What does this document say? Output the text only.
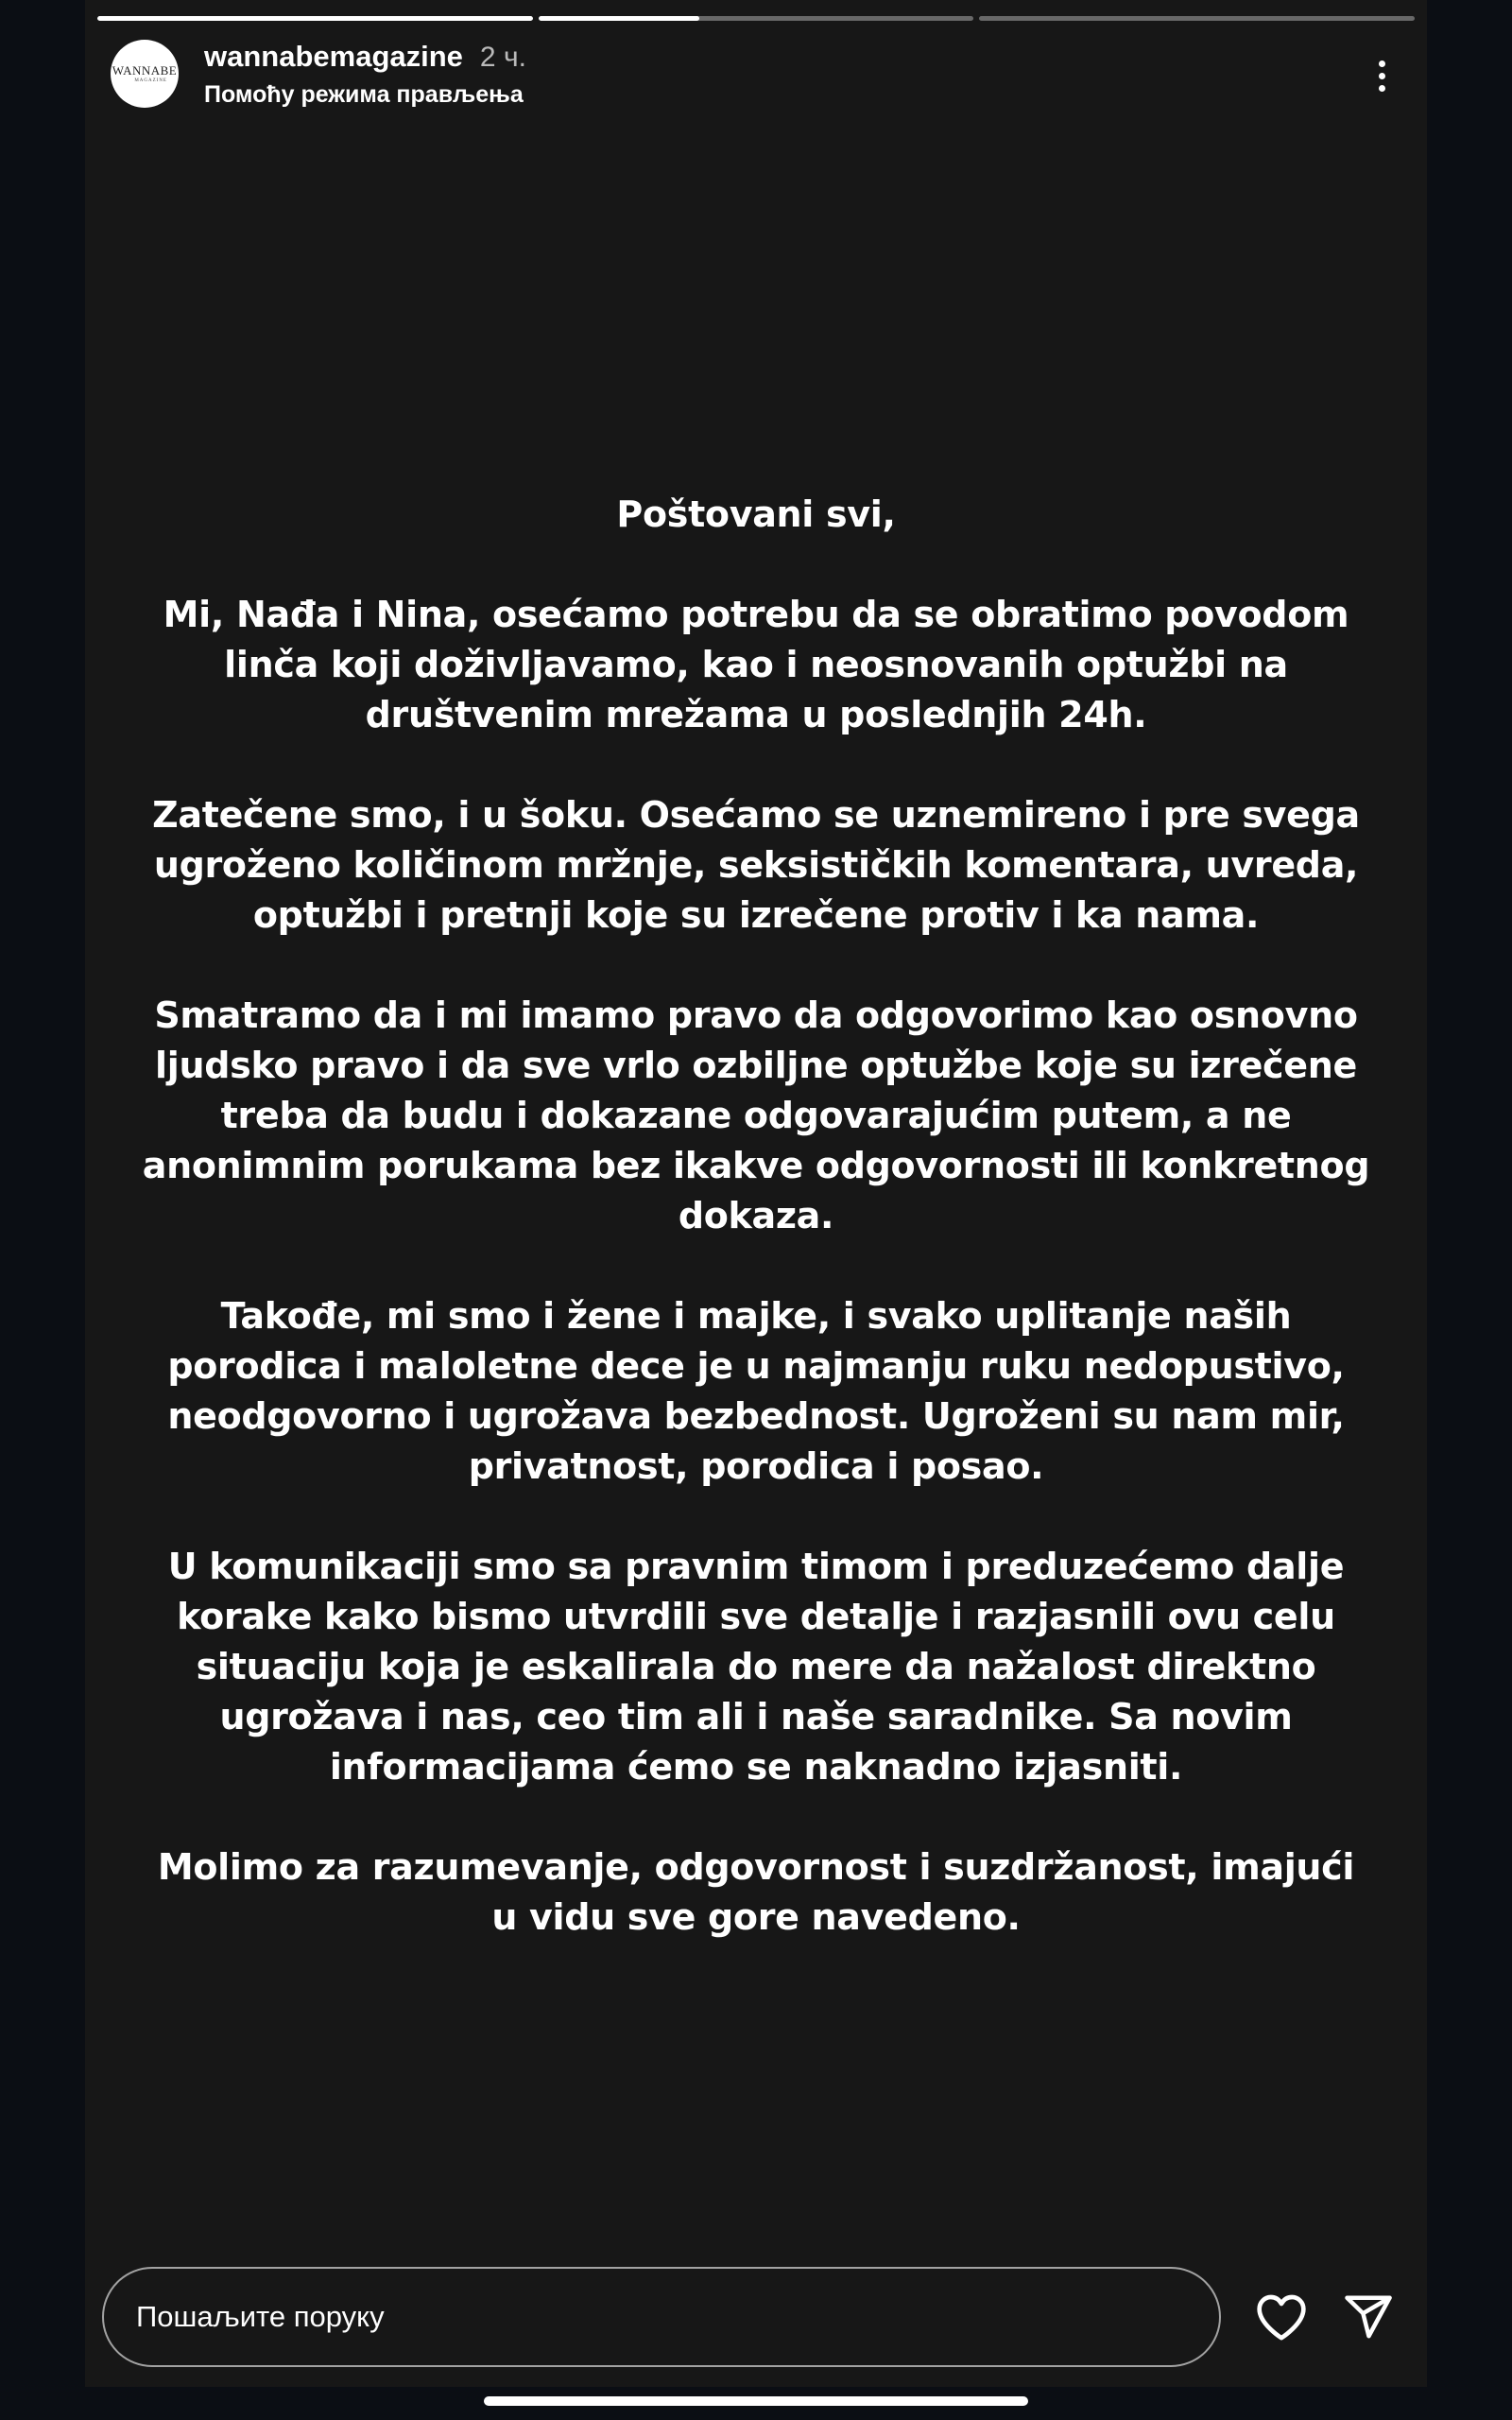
WANNABE
MAGAZINE
wannabemagazine 2 ч.
Помоћу режима прављења

Poštovani svi,

Mi, Nađa i Nina, osećamo potrebu da se obratimo povodom linča koji doživljavamo, kao i neosnovanih optužbi na društvenim mrežama u poslednjih 24h.

Zatečene smo, i u šoku. Osećamo se uznemireno i pre svega ugroženo količinom mržnje, seksističkih komentara, uvreda, optužbi i pretnji koje su izrečene protiv i ka nama.

Smatramo da i mi imamo pravo da odgovorimo kao osnovno ljudsko pravo i da sve vrlo ozbiljne optužbe koje su izrečene treba da budu i dokazane odgovarajućim putem, a ne anonimnim porukama bez ikakve odgovornosti ili konkretnog dokaza.

Takođe, mi smo i žene i majke, i svako uplitanje naših porodica i maloletne dece je u najmanju ruku nedopustivo, neodgovorno i ugrožava bezbednost. Ugroženi su nam mir, privatnost, porodica i posao.

U komunikaciji smo sa pravnim timom i preduzećemo dalje korake kako bismo utvrdili sve detalje i razjasnili ovu celu situaciju koja je eskalirala do mere da nažalost direktno ugrožava i nas, ceo tim ali i naše saradnike. Sa novim informacijama ćemo se naknadno izjasniti.

Molimo za razumevanje, odgovornost i suzdržanost, imajući u vidu sve gore navedeno.

Пошаљите поруку
